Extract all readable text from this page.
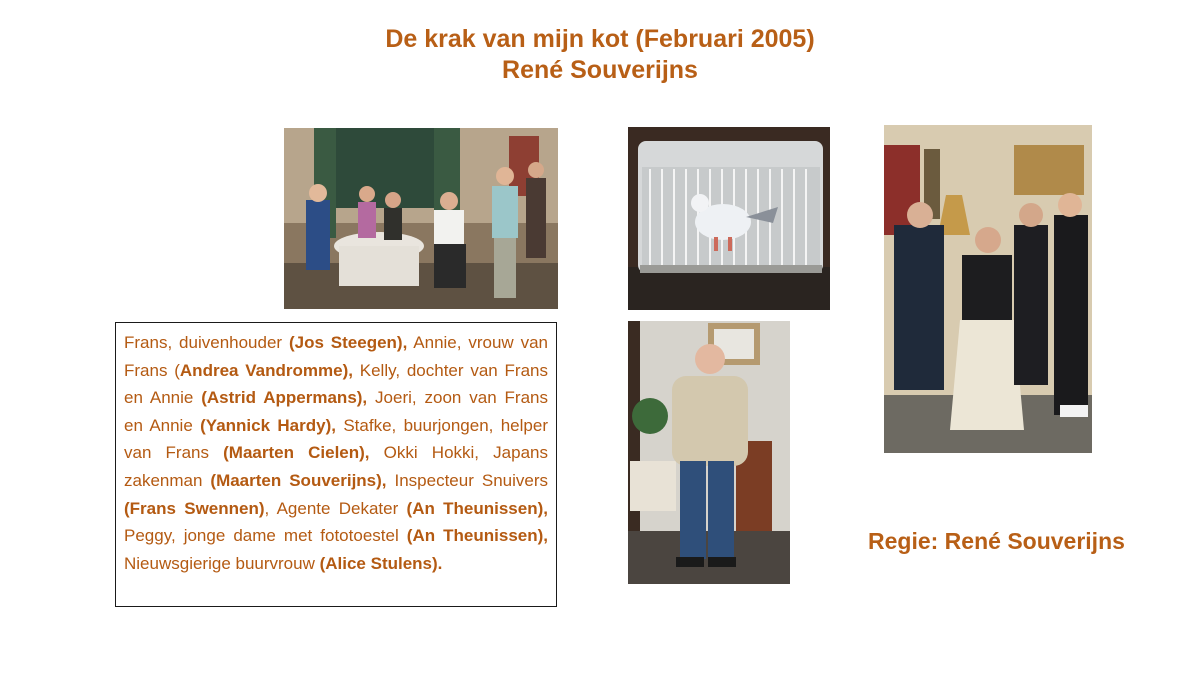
De krak van mijn kot (Februari 2005)
René Souverijns

Frans, duivenhouder (Jos Steegen), Annie, vrouw van Frans (Andrea Vandromme), Kelly, dochter van Frans en Annie (Astrid Appermans), Joeri, zoon van Frans en Annie (Yannick Hardy), Stafke, buurjongen, helper van Frans (Maarten Cielen), Okki Hokki, Japans zakenman (Maarten Souverijns), Inspecteur Snuivers (Frans Swennen), Agente Dekater (An Theunissen), Peggy, jonge dame met fototoestel (An Theunissen), Nieuwsgierige buurvrouw (Alice Stulens).

Regie: René Souverijns
